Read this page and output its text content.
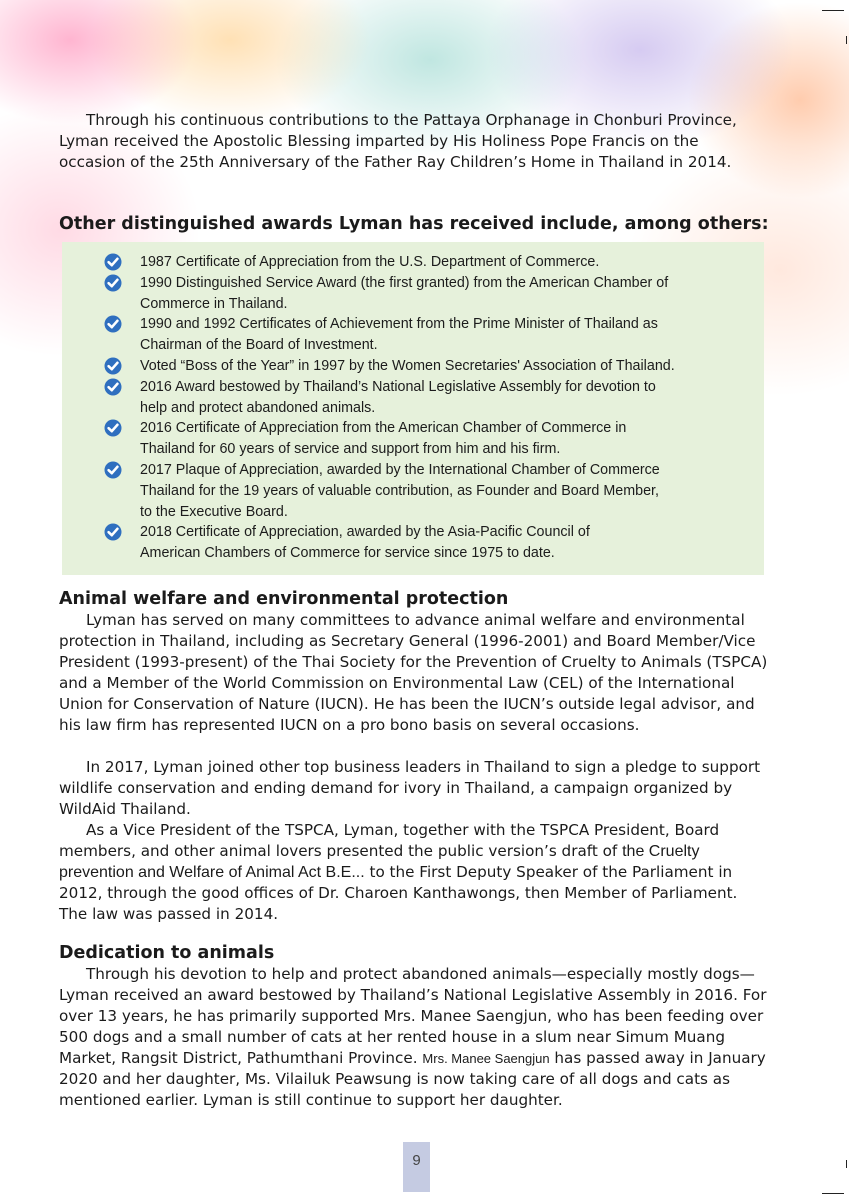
Through his continuous contributions to the Pattaya Orphanage in Chonburi Province, Lyman received the Apostolic Blessing imparted by His Holiness Pope Francis on the occasion of the 25th Anniversary of the Father Ray Children’s Home in Thailand in 2014.

Other distinguished awards Lyman has received include, among others:

1987 Certificate of Appreciation from the U.S. Department of Commerce.

1990 Distinguished Service Award (the first granted) from the American Chamber of
Commerce in Thailand.

1990 and 1992 Certificates of Achievement from the Prime Minister of Thailand as
Chairman of the Board of Investment.

Voted “Boss of the Year” in 1997 by the Women Secretaries' Association of Thailand.

2016 Award bestowed by Thailand’s National Legislative Assembly for devotion to
help and protect abandoned animals.

2016 Certificate of Appreciation from the American Chamber of Commerce in
Thailand for 60 years of service and support from him and his firm.

2017 Plaque of Appreciation, awarded by the International Chamber of Commerce
Thailand for the 19 years of valuable contribution, as Founder and Board Member,
to the Executive Board.

2018 Certificate of Appreciation, awarded by the Asia-Pacific Council of
American Chambers of Commerce for service since 1975 to date.

Animal welfare and environmental protection

Lyman has served on many committees to advance animal welfare and environmental protection in Thailand, including as Secretary General (1996-2001) and Board Member/Vice President (1993-present) of the Thai Society for the Prevention of Cruelty to Animals (TSPCA) and a Member of the World Commission on Environmental Law (CEL) of the International Union for Conservation of Nature (IUCN). He has been the IUCN’s outside legal advisor, and his law firm has represented IUCN on a pro bono basis on several occasions.

In 2017, Lyman joined other top business leaders in Thailand to sign a pledge to support wildlife conservation and ending demand for ivory in Thailand, a campaign organized by WildAid Thailand.

As a Vice President of the TSPCA, Lyman, together with the TSPCA President, Board members, and other animal lovers presented the public version’s draft of the Cruelty prevention and Welfare of Animal Act B.E... to the First Deputy Speaker of the Parliament in 2012, through the good offices of Dr. Charoen Kanthawongs, then Member of Parliament. The law was passed in 2014.

Dedication to animals

Through his devotion to help and protect abandoned animals—especially mostly dogs—Lyman received an award bestowed by Thailand’s National Legislative Assembly in 2016. For over 13 years, he has primarily supported Mrs. Manee Saengjun, who has been feeding over 500 dogs and a small number of cats at her rented house in a slum near Simum Muang Market, Rangsit District, Pathumthani Province. Mrs. Manee Saengjun has passed away in January 2020 and her daughter, Ms. Vilailuk Peawsung is now taking care of all dogs and cats as mentioned earlier. Lyman is still continue to support her daughter.

9
